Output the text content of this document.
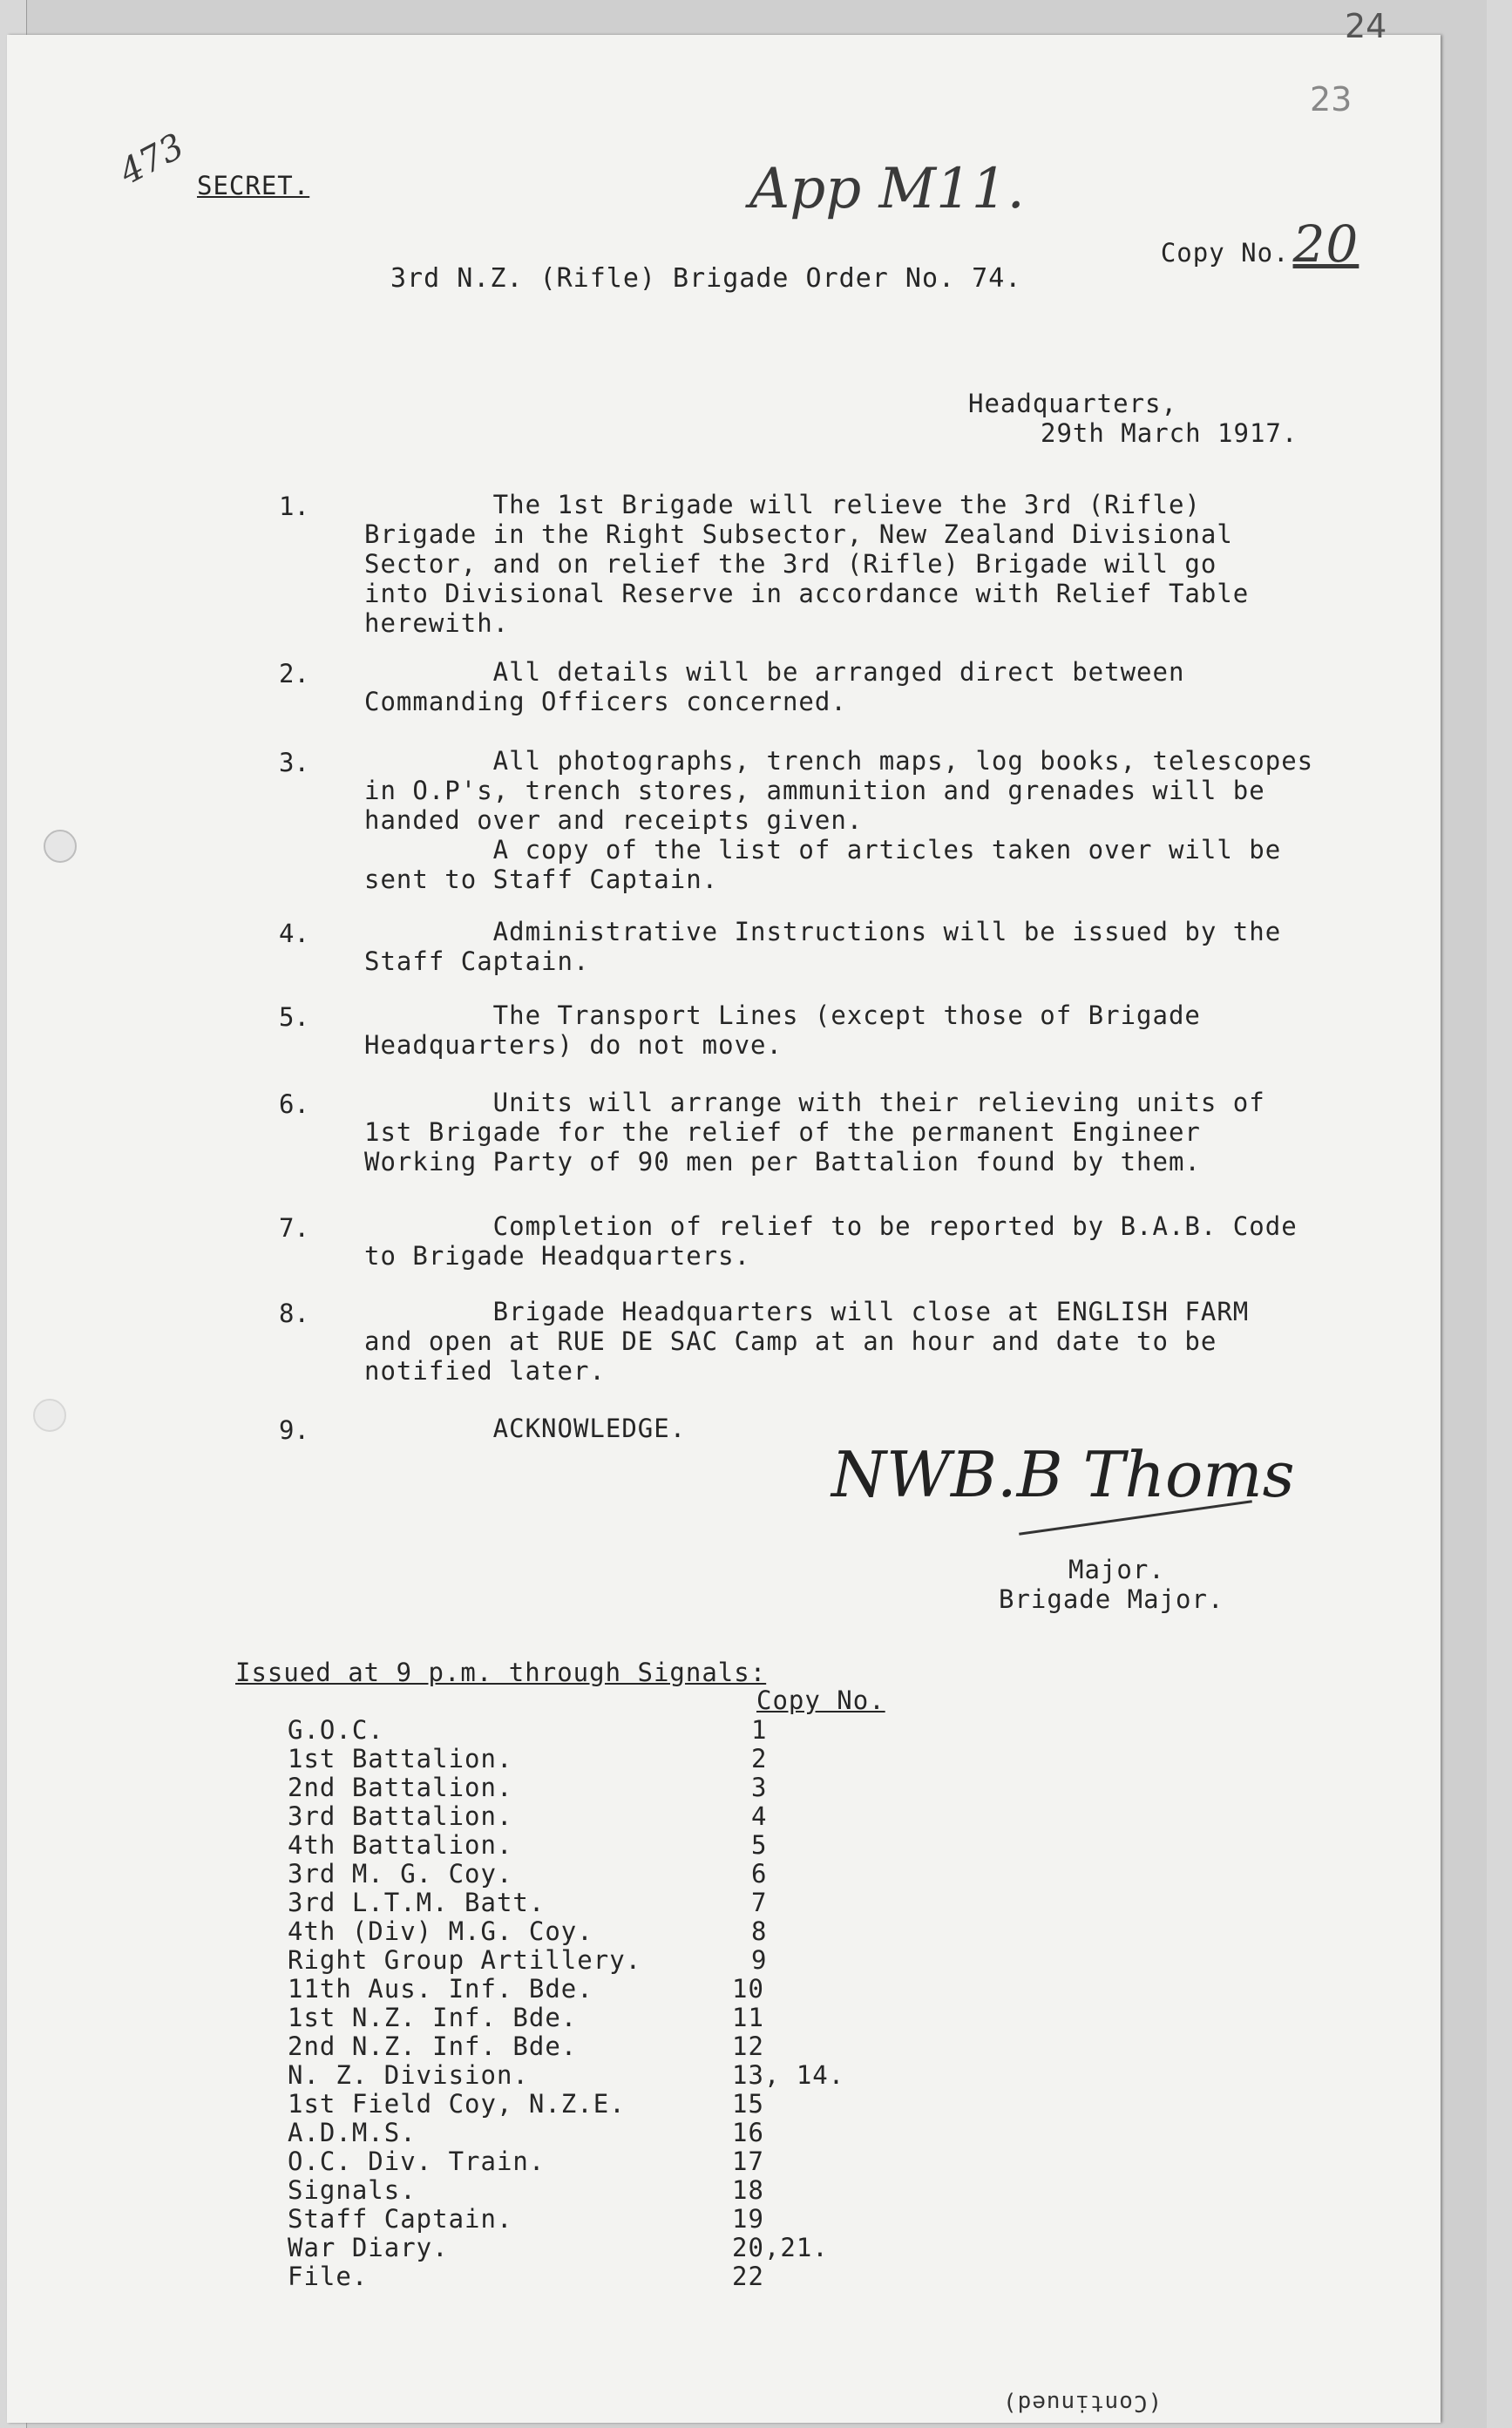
24
23
473 SECRET.	App M11.

Copy No.20

3rd N.Z. (Rifle) Brigade Order No. 74.
Headquarters,
29th March 1917.
1. The 1st Brigade will relieve the 3rd (Rifle)
Brigade in the Right Subsector, New Zealand Divisional
Sector, and on relief the 3rd (Rifle) Brigade will go
into Divisional Reserve in accordance with Relief Table
herewith.
2. All details will be arranged direct between
Commanding Officers concerned.
3. All photographs, trench maps, log books, telescopes
in O.P's, trench stores, ammunition and grenades will be
handed over and receipts given.
A copy of the list of articles taken over will be
sent to Staff Captain.
4. Administrative Instructions will be issued by the
Staff Captain.
5. The Transport Lines (except those of Brigade
Headquarters) do not move.
6. Units will arrange with their relieving units of
1st Brigade for the relief of the permanent Engineer
Working Party of 90 men per Battalion found by them.
7. Completion of relief to be reported by B.A.B. Code
to Brigade Headquarters.
8. Brigade Headquarters will close at ENGLISH FARM
and open at RUE DE SAC Camp at an hour and date to be
notified later.
9. ACKNOWLEDGE.
NWB.B Thoms
Major.
Brigade Major.
Issued at 9 p.m. through Signals:
Copy No.
G.O.C.	1
1st Battalion.	2
2nd Battalion.	3
3rd Battalion.	4
4th Battalion.	5
3rd M. G. Coy.	6
3rd L.T.M. Batt.	7
4th (Div) M.G. Coy.	8
Right Group Artillery.	9
11th Aus. Inf. Bde.	10
1st N.Z. Inf. Bde.	11
2nd N.Z. Inf. Bde.	12
N. Z. Division.	13, 14.
1st Field Coy, N.Z.E.	15
A.D.M.S.	16
O.C. Div. Train.	17
Signals.	18
Staff Captain.	19
War Diary.	20,21.
File.	22
(Continued)
